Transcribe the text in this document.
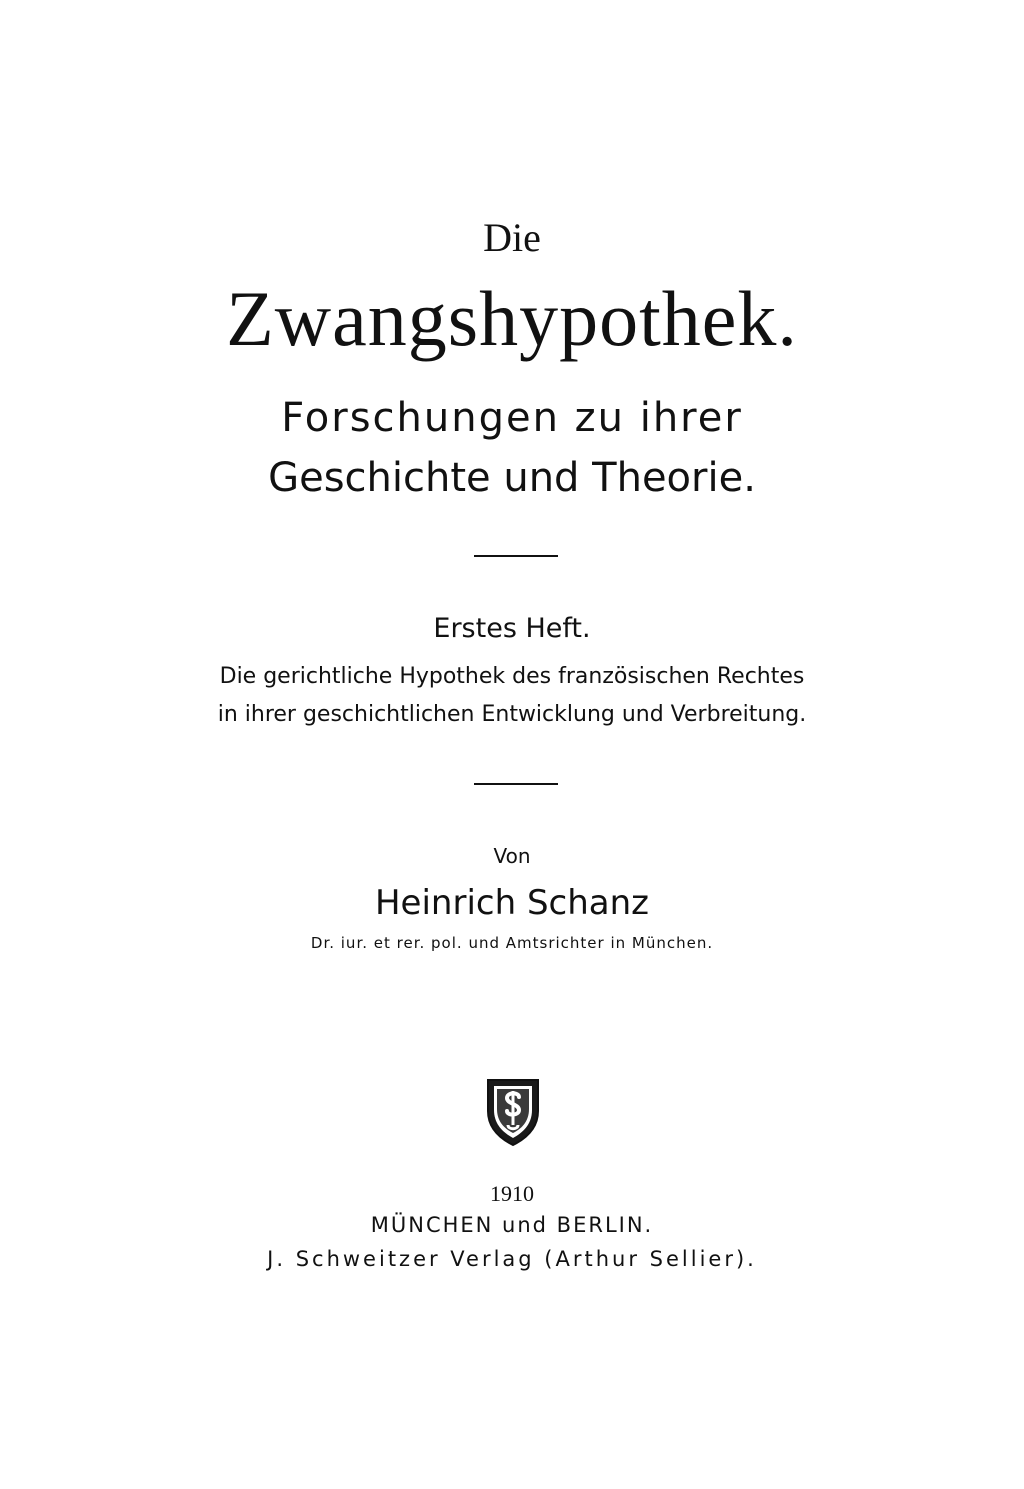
Die
Zwangshypothek.
Forschungen zu ihrer
Geschichte und Theorie.
Erstes Heft.
Die gerichtliche Hypothek des französischen Rechtes
in ihrer geschichtlichen Entwicklung und Verbreitung.
Von
Heinrich Schanz
Dr. iur. et rer. pol. und Amtsrichter in München.
1910
MÜNCHEN und BERLIN.
J. Schweitzer Verlag (Arthur Sellier).
